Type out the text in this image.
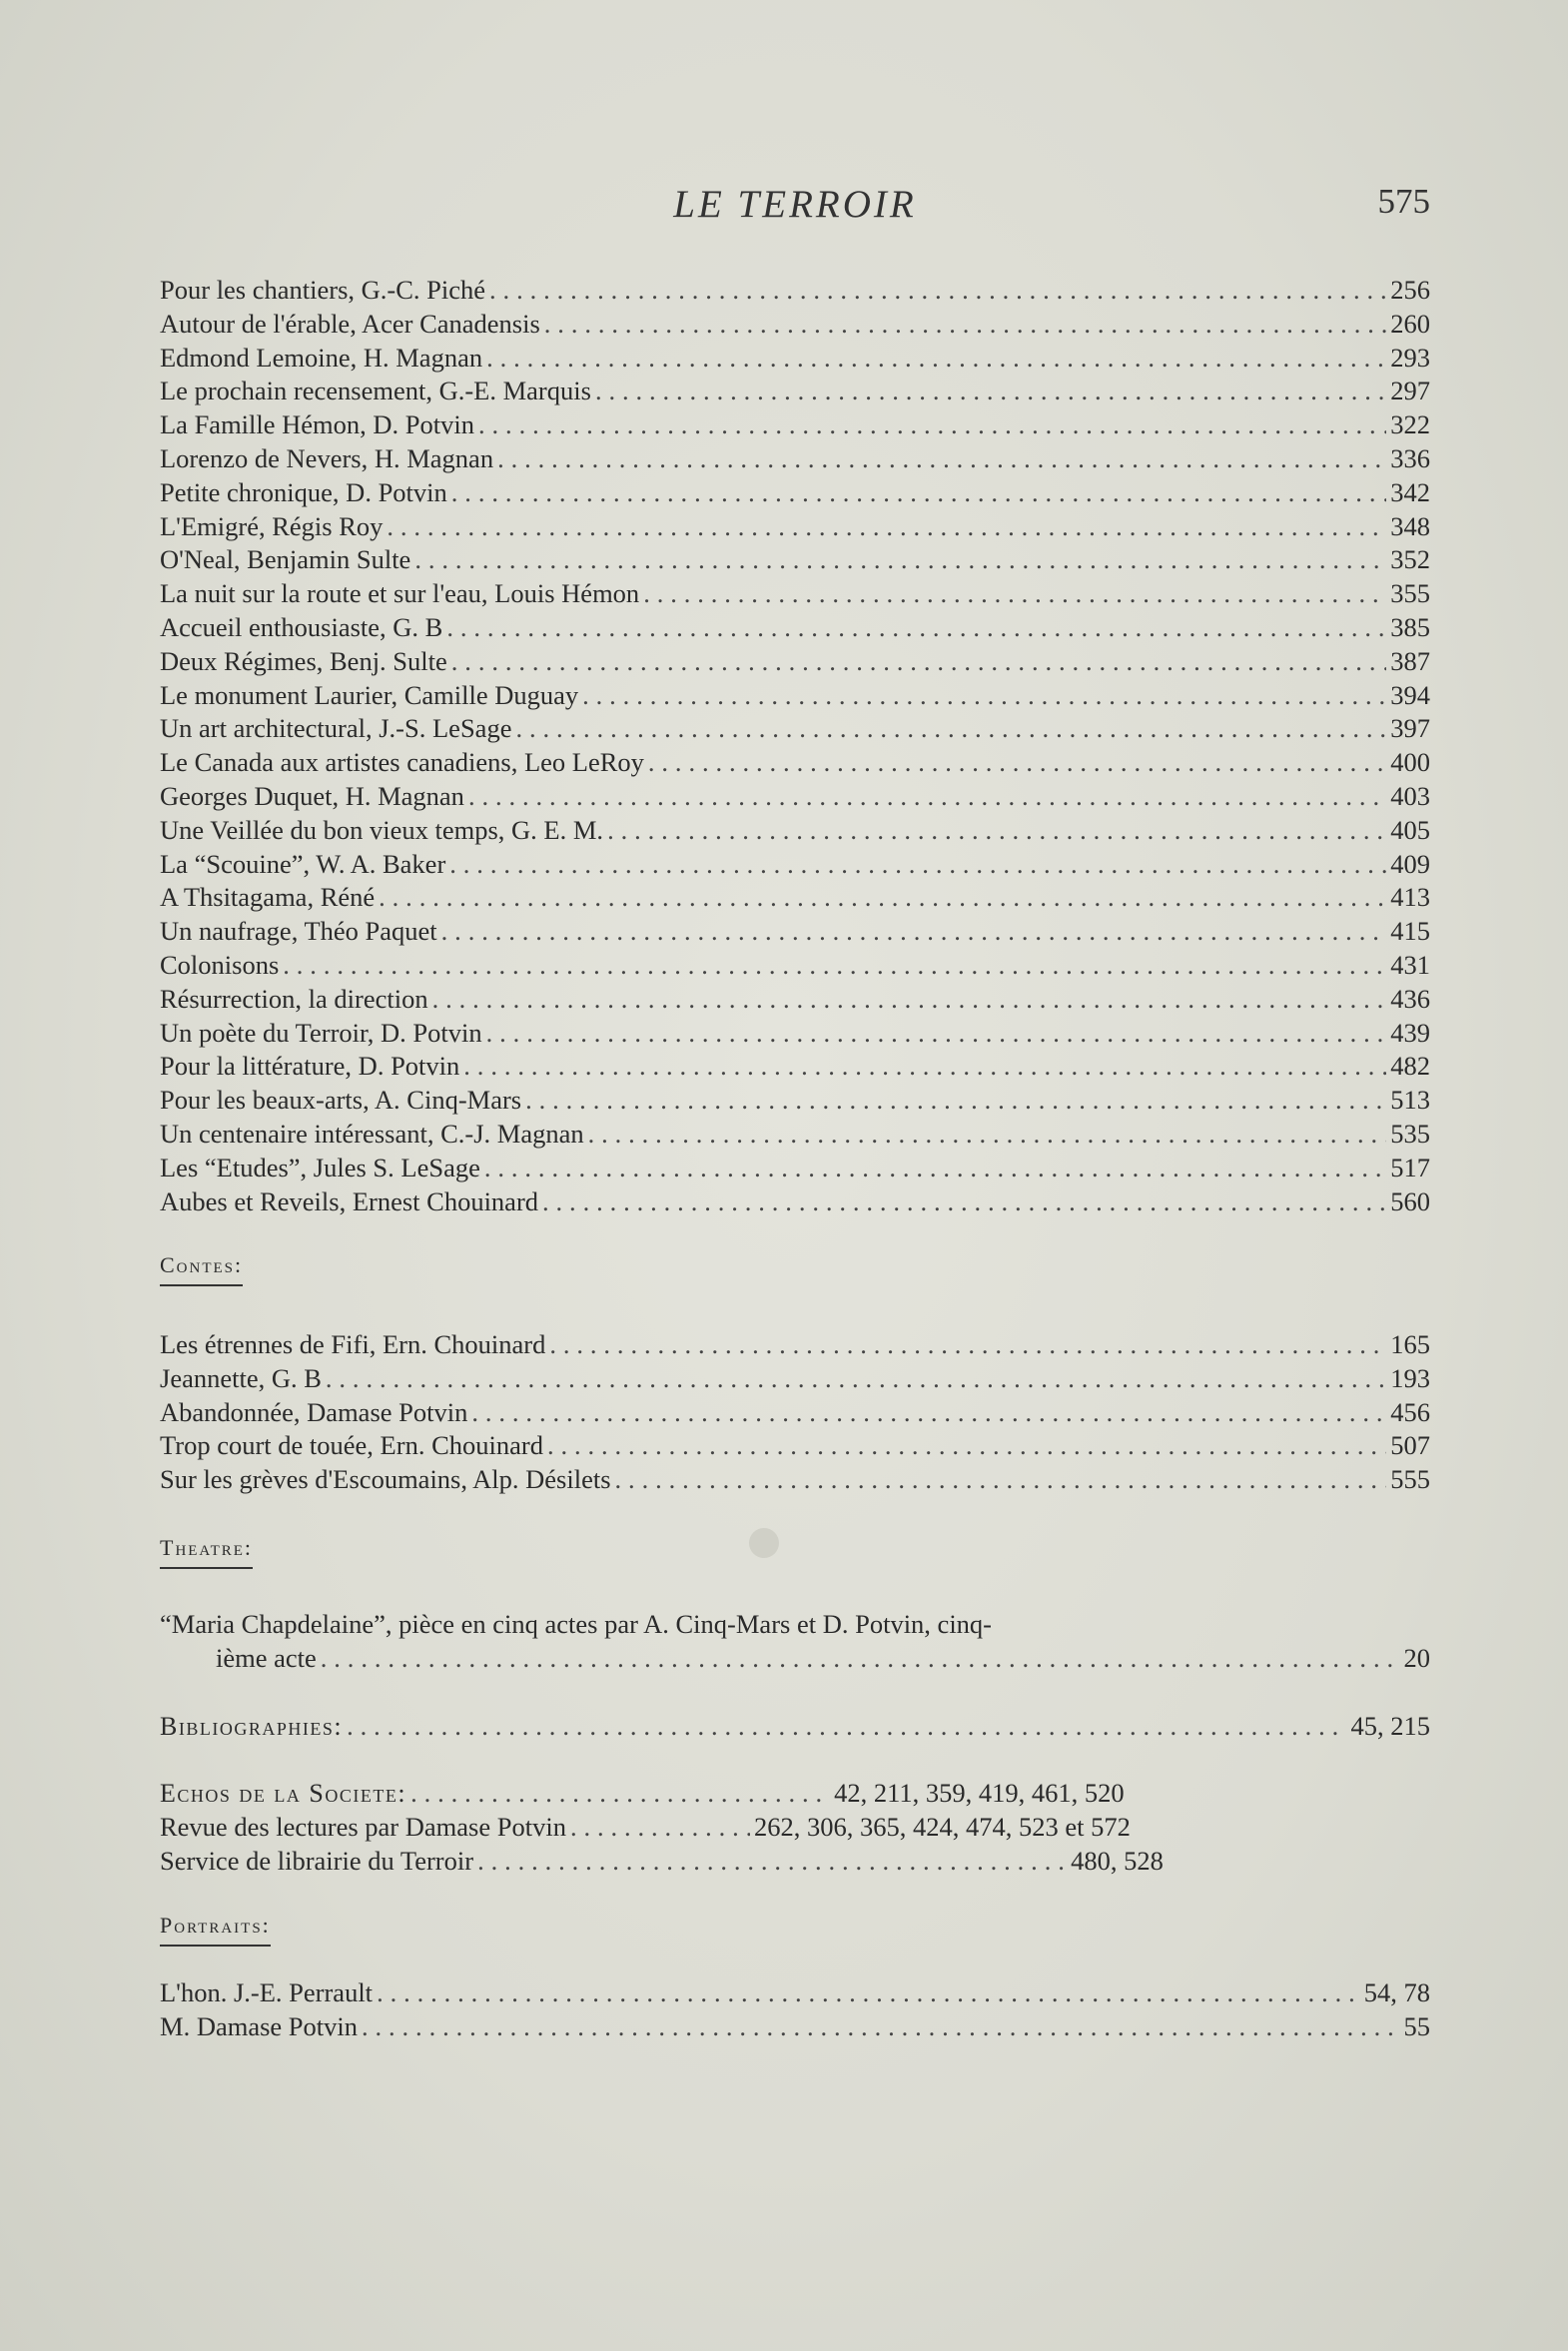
LE TERROIR	575
Pour les chantiers, G.-C. Piché .....	256
Autour de l'érable, Acer Canadensis .....	260
Edmond Lemoine, H. Magnan .....	293
Le prochain recensement, G.-E. Marquis .....	297
La Famille Hémon, D. Potvin .....	322
Lorenzo de Nevers, H. Magnan .....	336
Petite chronique, D. Potvin .....	342
L'Emigré, Régis Roy .....	348
O'Neal, Benjamin Sulte .....	352
La nuit sur la route et sur l'eau, Louis Hémon .....	355
Accueil enthousiaste, G. B .....	385
Deux Régimes, Benj. Sulte .....	387
Le monument Laurier, Camille Duguay .....	394
Un art architectural, J.-S. LeSage .....	397
Le Canada aux artistes canadiens, Leo LeRoy .....	400
Georges Duquet, H. Magnan .....	403
Une Veillée du bon vieux temps, G. E. M. .....	405
La “Scouine”, W. A. Baker .....	409
A Thsitagama, Réné .....	413
Un naufrage, Théo Paquet .....	415
Colonisons .....	431
Résurrection, la direction .....	436
Un poète du Terroir, D. Potvin .....	439
Pour la littérature, D. Potvin .....	482
Pour les beaux-arts, A. Cinq-Mars .....	513
Un centenaire intéressant, C.-J. Magnan .....	535
Les “Etudes”, Jules S. LeSage .....	517
Aubes et Reveils, Ernest Chouinard .....	560
Contes:
Les étrennes de Fifi, Ern. Chouinard .....	165
Jeannette, G. B .....	193
Abandonnée, Damase Potvin .....	456
Trop court de touée, Ern. Chouinard .....	507
Sur les grèves d'Escoumains, Alp. Désilets .....	555
Theatre:
“Maria Chapdelaine”, pièce en cinq actes par A. Cinq-Mars et D. Potvin, cinq-
ième acte .....	20
Bibliographies: .....	45, 215
Echos de la Societe: .....	42, 211, 359, 419, 461, 520
Revue des lectures par Damase Potvin .....	262, 306, 365, 424, 474, 523 et 572
Service de librairie du Terroir .....	480, 528
Portraits:
L'hon. J.-E. Perrault .....	54, 78
M. Damase Potvin .....	55
